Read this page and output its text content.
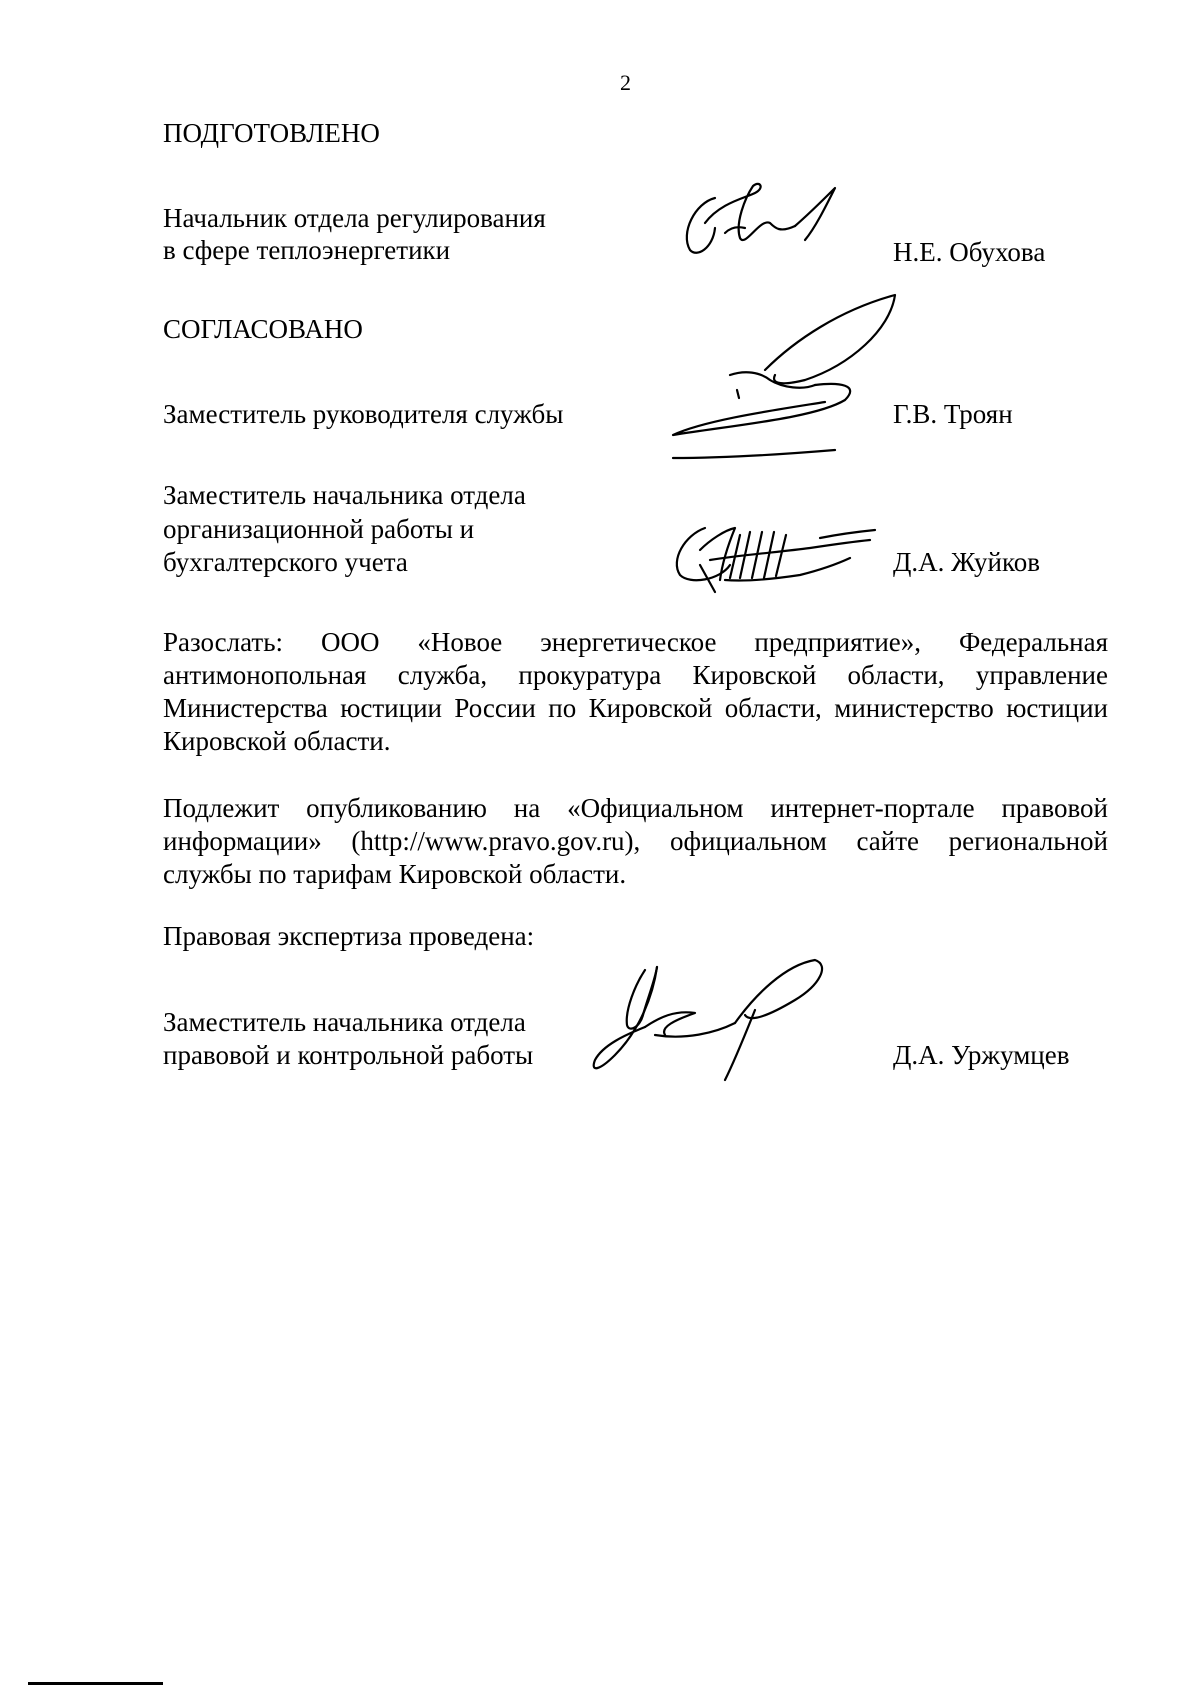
2
ПОДГОТОВЛЕНО
Начальник отдела регулирования
в сфере теплоэнергетики	Н.Е. Обухова
СОГЛАСОВАНО
Заместитель руководителя службы	Г.В. Троян
Заместитель начальника отдела
организационной работы и
бухгалтерского учета	Д.А. Жуйков
Разослать: ООО «Новое энергетическое предприятие», Федеральная антимонопольная служба, прокуратура Кировской области, управление Министерства юстиции России по Кировской области, министерство юстиции Кировской области.
Подлежит опубликованию на «Официальном интернет-портале правовой информации» (http://www.pravo.gov.ru), официальном сайте региональной службы по тарифам Кировской области.
Правовая экспертиза проведена:
Заместитель начальника отдела
правовой и контрольной работы	Д.А. Уржумцев
